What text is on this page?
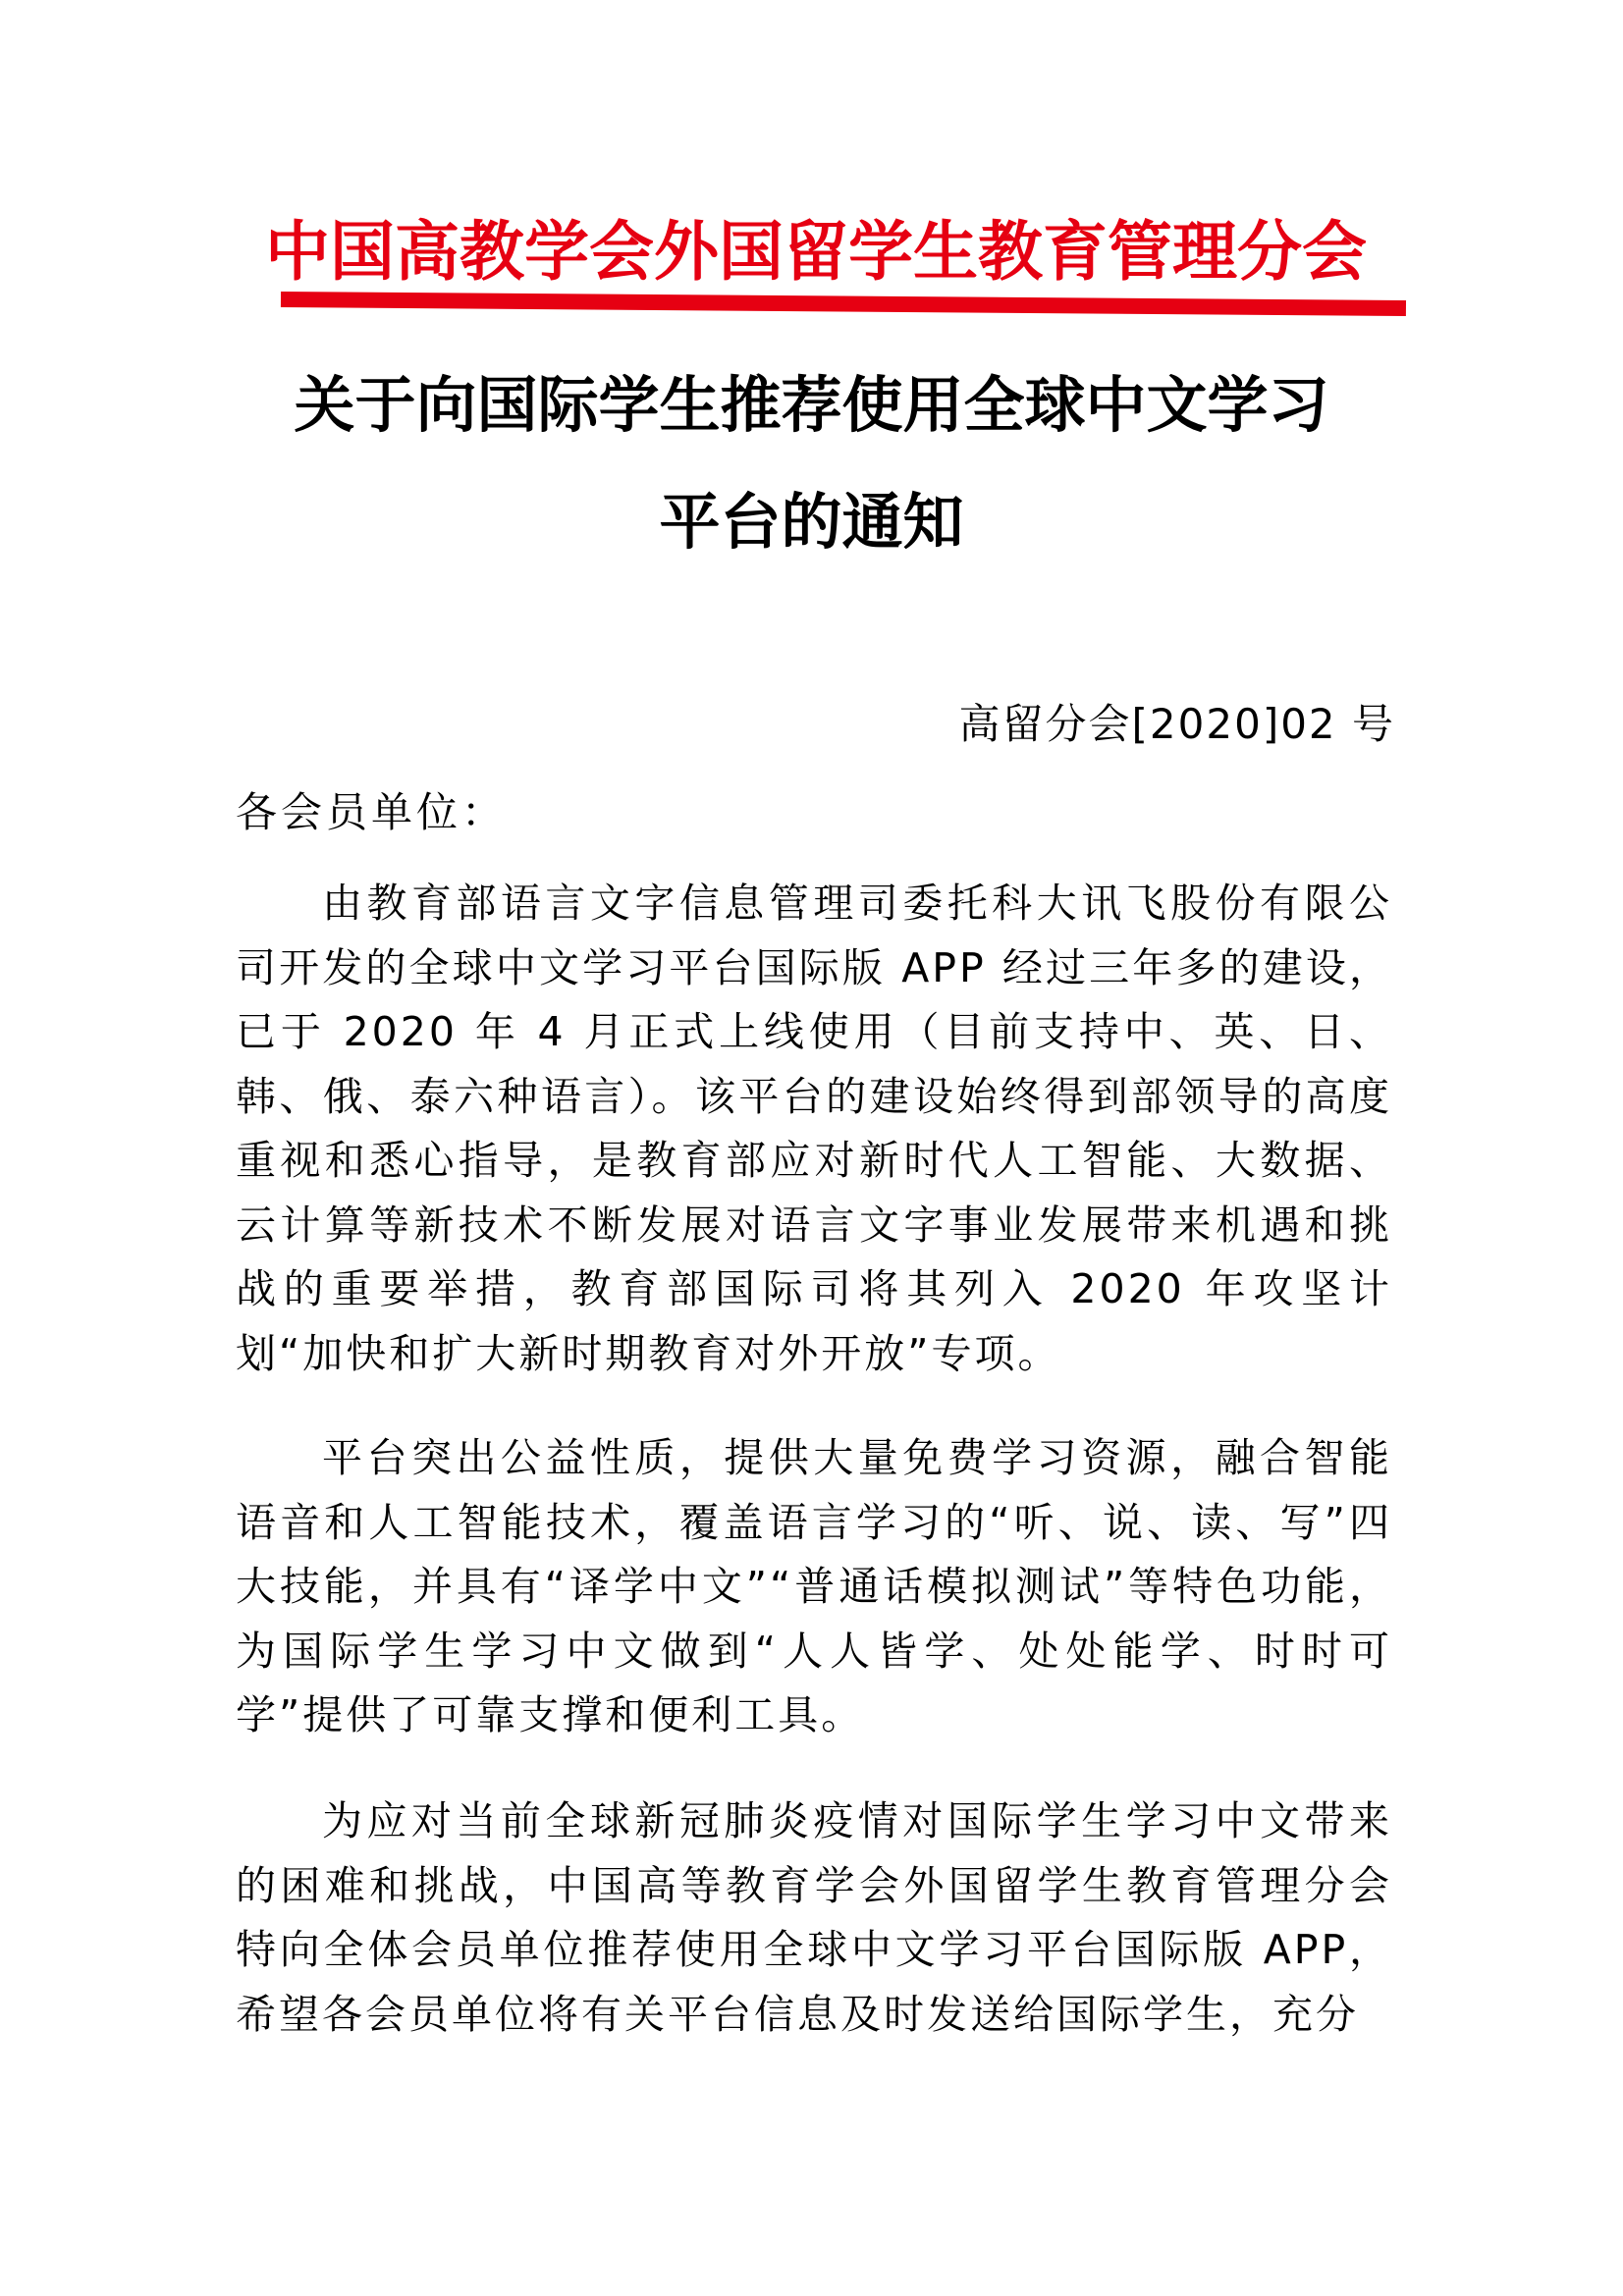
中国高教学会外国留学生教育管理分会
关于向国际学生推荐使用全球中文学习
平台的通知

高留分会[2020]02 号

各会员单位：

由教育部语言文字信息管理司委托科大讯飞股份有限公司开发的全球中文学习平台国际版 APP 经过三年多的建设，已于 2020 年 4 月正式上线使用（目前支持中、英、日、韩、俄、泰六种语言）。该平台的建设始终得到部领导的高度重视和悉心指导，是教育部应对新时代人工智能、大数据、云计算等新技术不断发展对语言文字事业发展带来机遇和挑战的重要举措，教育部国际司将其列入 2020 年攻坚计划“加快和扩大新时期教育对外开放”专项。

平台突出公益性质，提供大量免费学习资源，融合智能语音和人工智能技术，覆盖语言学习的“听、说、读、写”四大技能，并具有“译学中文”“普通话模拟测试”等特色功能，为国际学生学习中文做到“人人皆学、处处能学、时时可学”提供了可靠支撑和便利工具。

为应对当前全球新冠肺炎疫情对国际学生学习中文带来的困难和挑战，中国高等教育学会外国留学生教育管理分会特向全体会员单位推荐使用全球中文学习平台国际版 APP，希望各会员单位将有关平台信息及时发送给国际学生，充分
